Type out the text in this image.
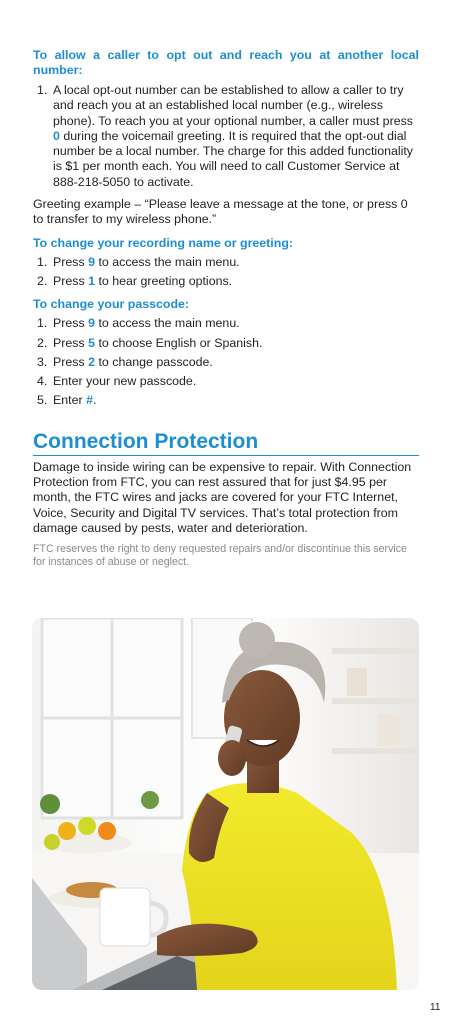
To allow a caller to opt out and reach you at another local number:
1. A local opt-out number can be established to allow a caller to try and reach you at an established local number (e.g., wireless phone). To reach you at your optional number, a caller must press 0 during the voicemail greeting. It is required that the opt-out dial number be a local number. The charge for this added functionality is $1 per month each. You will need to call Customer Service at 888-218-5050 to activate.

Greeting example – “Please leave a message at the tone, or press 0 to transfer to my wireless phone.”

To change your recording name or greeting:
1. Press 9 to access the main menu.
2. Press 1 to hear greeting options.
To change your passcode:
1. Press 9 to access the main menu.
2. Press 5 to choose English or Spanish.
3. Press 2 to change passcode.
4. Enter your new passcode.
5. Enter #.
Connection Protection

Damage to inside wiring can be expensive to repair. With Connection Protection from FTC, you can rest assured that for just $4.95 per month, the FTC wires and jacks are covered for your FTC Internet, Voice, Security and Digital TV services. That’s total protection from damage caused by pests, water and deterioration.

FTC reserves the right to deny requested repairs and/or discontinue this service for instances of abuse or neglect.
11
